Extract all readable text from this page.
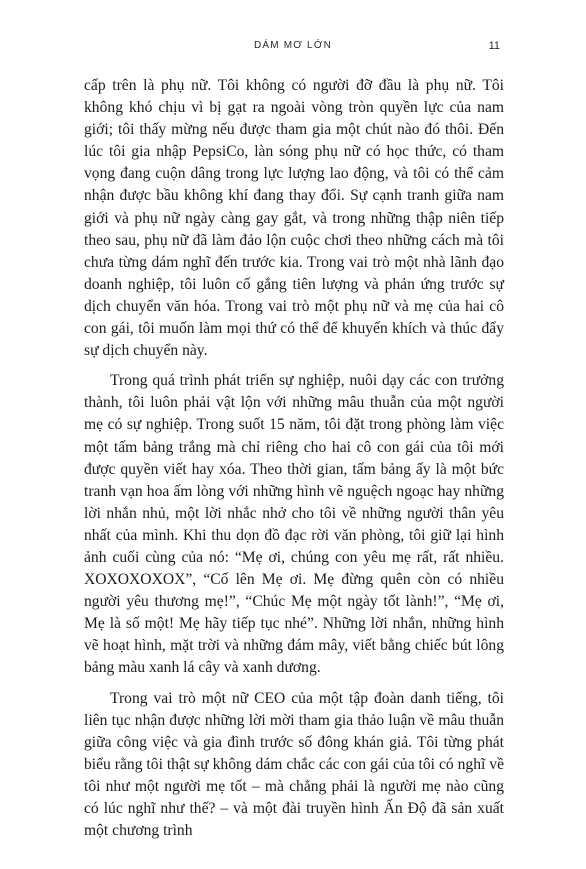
DÁM MƠ LỚN	11

cấp trên là phụ nữ. Tôi không có người đỡ đầu là phụ nữ. Tôi không khó chịu vì bị gạt ra ngoài vòng tròn quyền lực của nam giới; tôi thấy mừng nếu được tham gia một chút nào đó thôi. Đến lúc tôi gia nhập PepsiCo, làn sóng phụ nữ có học thức, có tham vọng đang cuộn dâng trong lực lượng lao động, và tôi có thể cảm nhận được bầu không khí đang thay đổi. Sự cạnh tranh giữa nam giới và phụ nữ ngày càng gay gắt, và trong những thập niên tiếp theo sau, phụ nữ đã làm đảo lộn cuộc chơi theo những cách mà tôi chưa từng dám nghĩ đến trước kia. Trong vai trò một nhà lãnh đạo doanh nghiệp, tôi luôn cố gắng tiên lượng và phản ứng trước sự dịch chuyển văn hóa. Trong vai trò một phụ nữ và mẹ của hai cô con gái, tôi muốn làm mọi thứ có thể để khuyến khích và thúc đẩy sự dịch chuyển này.

Trong quá trình phát triển sự nghiệp, nuôi dạy các con trưởng thành, tôi luôn phải vật lộn với những mâu thuẫn của một người mẹ có sự nghiệp. Trong suốt 15 năm, tôi đặt trong phòng làm việc một tấm bảng trắng mà chỉ riêng cho hai cô con gái của tôi mới được quyền viết hay xóa. Theo thời gian, tấm bảng ấy là một bức tranh vạn hoa ấm lòng với những hình vẽ nguệch ngoạc hay những lời nhắn nhủ, một lời nhắc nhở cho tôi về những người thân yêu nhất của mình. Khi thu dọn đồ đạc rời văn phòng, tôi giữ lại hình ảnh cuối cùng của nó: “Mẹ ơi, chúng con yêu mẹ rất, rất nhiều. XOXOXOXOX”, “Cố lên Mẹ ơi. Mẹ đừng quên còn có nhiều người yêu thương mẹ!”, “Chúc Mẹ một ngày tốt lành!”, “Mẹ ơi, Mẹ là số một! Mẹ hãy tiếp tục nhé”. Những lời nhắn, những hình vẽ hoạt hình, mặt trời và những đám mây, viết bằng chiếc bút lông bảng màu xanh lá cây và xanh dương.

Trong vai trò một nữ CEO của một tập đoàn danh tiếng, tôi liên tục nhận được những lời mời tham gia thảo luận về mâu thuẫn giữa công việc và gia đình trước số đông khán giả. Tôi từng phát biểu rằng tôi thật sự không dám chắc các con gái của tôi có nghĩ về tôi như một người mẹ tốt – mà chẳng phải là người mẹ nào cũng có lúc nghĩ như thế? – và một đài truyền hình Ấn Độ đã sản xuất một chương trình
